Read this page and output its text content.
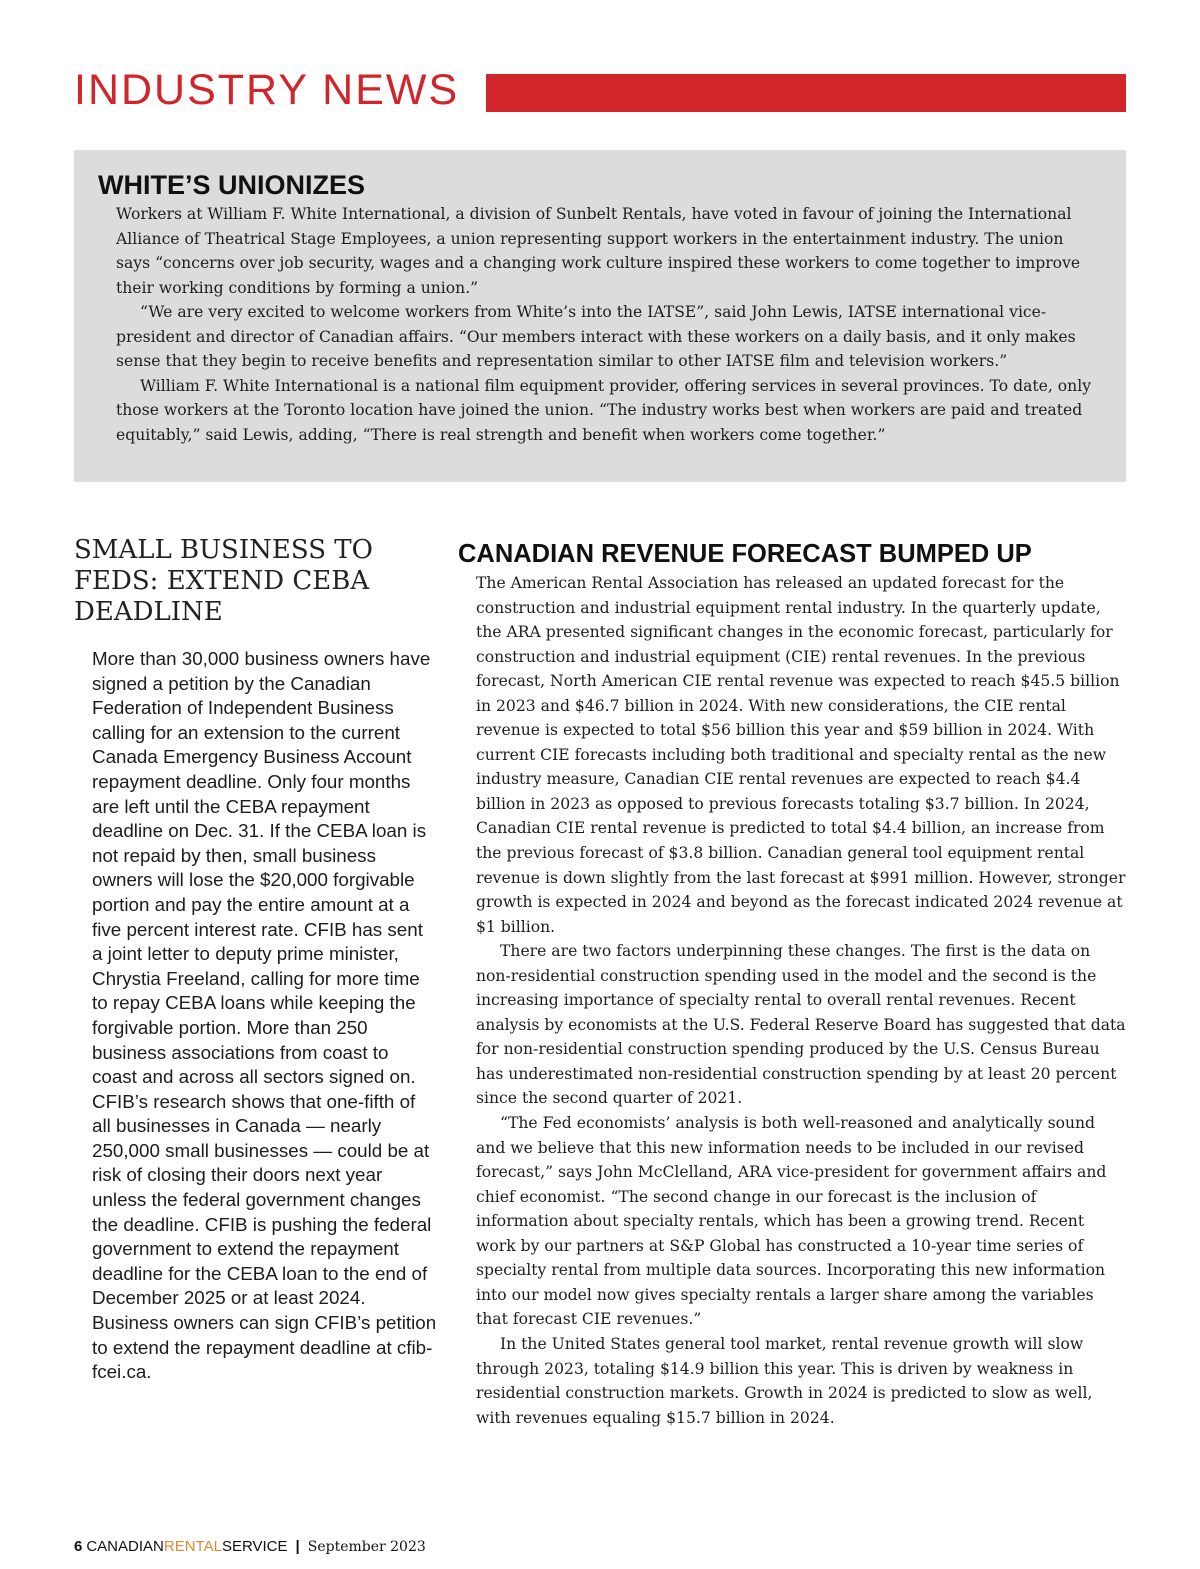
INDUSTRY NEWS
WHITE’S UNIONIZES

Workers at William F. White International, a division of Sunbelt Rentals, have voted in favour of joining the International Alliance of Theatrical Stage Employees, a union representing support workers in the entertainment industry. The union says “concerns over job security, wages and a changing work culture inspired these workers to come together to improve their working conditions by forming a union.”

“We are very excited to welcome workers from White’s into the IATSE”, said John Lewis, IATSE international vice-president and director of Canadian affairs. “Our members interact with these workers on a daily basis, and it only makes sense that they begin to receive benefits and representation similar to other IATSE film and television workers.”

William F. White International is a national film equipment provider, offering services in several provinces. To date, only those workers at the Toronto location have joined the union. “The industry works best when workers are paid and treated equitably,” said Lewis, adding, “There is real strength and benefit when workers come together.”

SMALL BUSINESS TO FEDS: EXTEND CEBA DEADLINE

More than 30,000 business owners have signed a petition by the Canadian Federation of Independent Business calling for an extension to the current Canada Emergency Business Account repayment deadline. Only four months are left until the CEBA repayment deadline on Dec. 31. If the CEBA loan is not repaid by then, small business owners will lose the $20,000 forgivable portion and pay the entire amount at a five percent interest rate. CFIB has sent a joint letter to deputy prime minister, Chrystia Freeland, calling for more time to repay CEBA loans while keeping the forgivable portion. More than 250 business associations from coast to coast and across all sectors signed on. CFIB’s research shows that one-fifth of all businesses in Canada — nearly 250,000 small businesses — could be at risk of closing their doors next year unless the federal government changes the deadline. CFIB is pushing the federal government to extend the repayment deadline for the CEBA loan to the end of December 2025 or at least 2024. Business owners can sign CFIB’s petition to extend the repayment deadline at cfib-fcei.ca.

CANADIAN REVENUE FORECAST BUMPED UP

The American Rental Association has released an updated forecast for the construction and industrial equipment rental industry. In the quarterly update, the ARA presented significant changes in the economic forecast, particularly for construction and industrial equipment (CIE) rental revenues. In the previous forecast, North American CIE rental revenue was expected to reach $45.5 billion in 2023 and $46.7 billion in 2024. With new considerations, the CIE rental revenue is expected to total $56 billion this year and $59 billion in 2024. With current CIE forecasts including both traditional and specialty rental as the new industry measure, Canadian CIE rental revenues are expected to reach $4.4 billion in 2023 as opposed to previous forecasts totaling $3.7 billion. In 2024, Canadian CIE rental revenue is predicted to total $4.4 billion, an increase from the previous forecast of $3.8 billion. Canadian general tool equipment rental revenue is down slightly from the last forecast at $991 million. However, stronger growth is expected in 2024 and beyond as the forecast indicated 2024 revenue at $1 billion.

There are two factors underpinning these changes. The first is the data on non-residential construction spending used in the model and the second is the increasing importance of specialty rental to overall rental revenues. Recent analysis by economists at the U.S. Federal Reserve Board has suggested that data for non-residential construction spending produced by the U.S. Census Bureau has underestimated non-residential construction spending by at least 20 percent since the second quarter of 2021.

“The Fed economists’ analysis is both well-reasoned and analytically sound and we believe that this new information needs to be included in our revised forecast,” says John McClelland, ARA vice-president for government affairs and chief economist. “The second change in our forecast is the inclusion of information about specialty rentals, which has been a growing trend. Recent work by our partners at S&P Global has constructed a 10-year time series of specialty rental from multiple data sources. Incorporating this new information into our model now gives specialty rentals a larger share among the variables that forecast CIE revenues.”

In the United States general tool market, rental revenue growth will slow through 2023, totaling $14.9 billion this year. This is driven by weakness in residential construction markets. Growth in 2024 is predicted to slow as well, with revenues equaling $15.7 billion in 2024.

6 CANADIANRENTALSERVICE | September 2023
